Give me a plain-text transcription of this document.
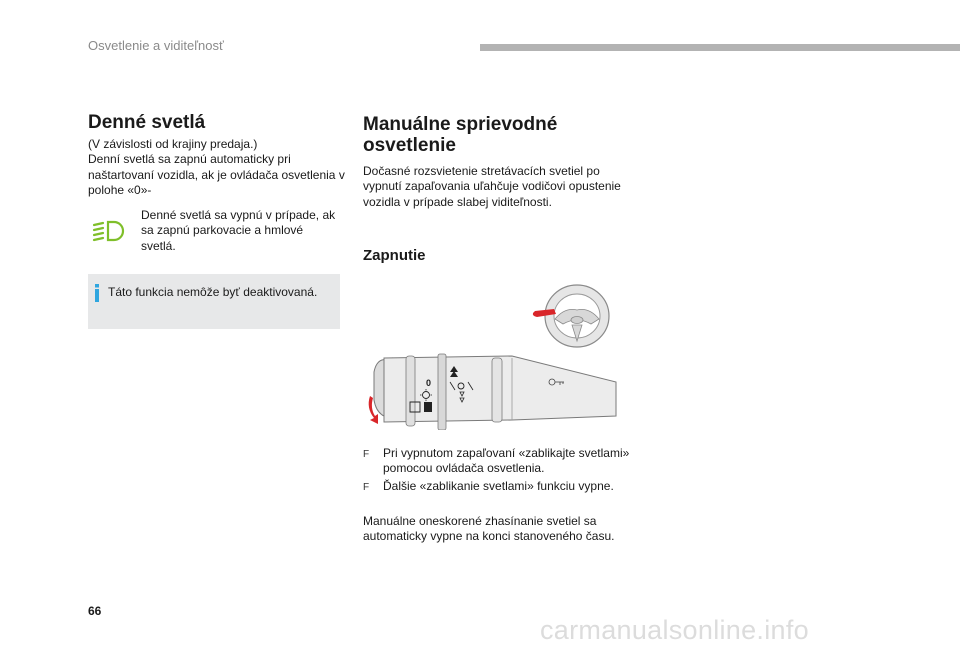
Osvetlenie a viditeľnosť
Denné svetlá
(V závislosti od krajiny predaja.)
Denní svetlá sa zapnú automaticky pri naštartovaní vozidla, ak je ovládača osvetlenia v polohe «0»-
Denné svetlá sa vypnú v prípade, ak sa zapnú parkovacie a hmlové svetlá.
Táto funkcia nemôže byť deaktivovaná.
Manuálne sprievodné osvetlenie
Dočasné rozsvietenie stretávacích svetiel po vypnutí zapaľovania uľahčuje vodičovi opustenie vozidla v prípade slabej viditeľnosti.
Zapnutie
0
F	Pri vypnutom zapaľovaní «zablikajte svetlami» pomocou ovládača osvetlenia.
F	Ďalšie «zablikanie svetlami» funkciu vypne.
Manuálne oneskorené zhasínanie svetiel sa automaticky vypne na konci stanoveného času.
66
carmanualsonline.info
